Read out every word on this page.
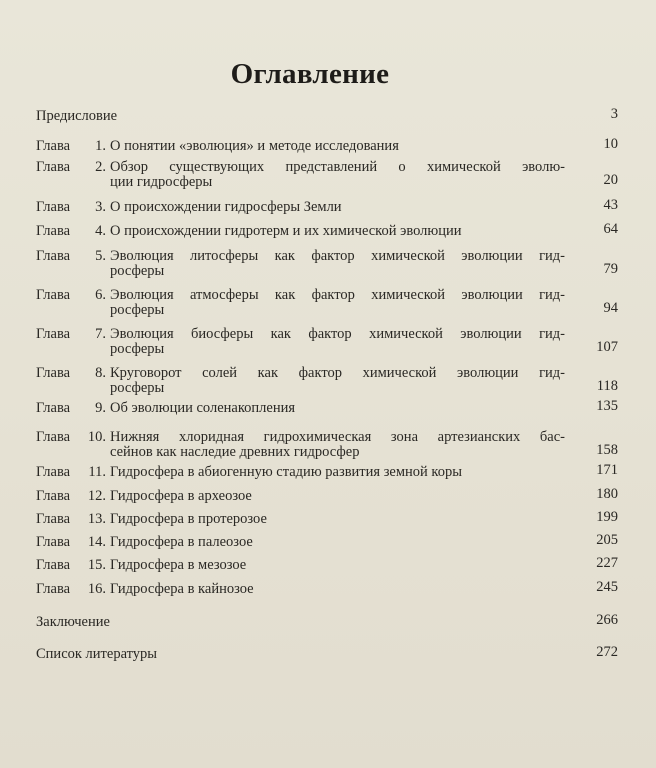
Оглавление
Предисловие	3
Глава	1 . О понятии «эволюция» и методе исследования	10
Глава	2 . Обзор существующих представлений о химической эволю-
ции гидросферы	20
Глава	3 . О происхождении гидросферы Земли	43
Глава	4 . О происхождении гидротерм и их химической эволюции	64
Глава	5 . Эволюция литосферы как фактор химической эволюции гид-
росферы	79
Глава	6 . Эволюция атмосферы как фактор химической эволюции гид-
росферы	94
Глава	7 . Эволюция биосферы как фактор химической эволюции гид-
росферы	107
Глава	8 . Круговорот солей как фактор химической эволюции гид-
росферы	118
Глава	9 . Об эволюции соленакопления	135
Глава 10 . Нижняя хлоридная гидрохимическая зона артезианских бас-
сейнов как наследие древних гидросфер	158
Глава	11 . Гидросфера в абиогенную стадию развития земной коры	171
Глава 12 . Гидросфера в археозое	180
Глава 13 . Гидросфера в протерозое	199
Глава 14 . Гидросфера в палеозое	205
Глава 15 . Гидросфера в мезозое	227
Глава 16 . Гидросфера в кайнозое	245
Заключение	266
Список литературы	272
